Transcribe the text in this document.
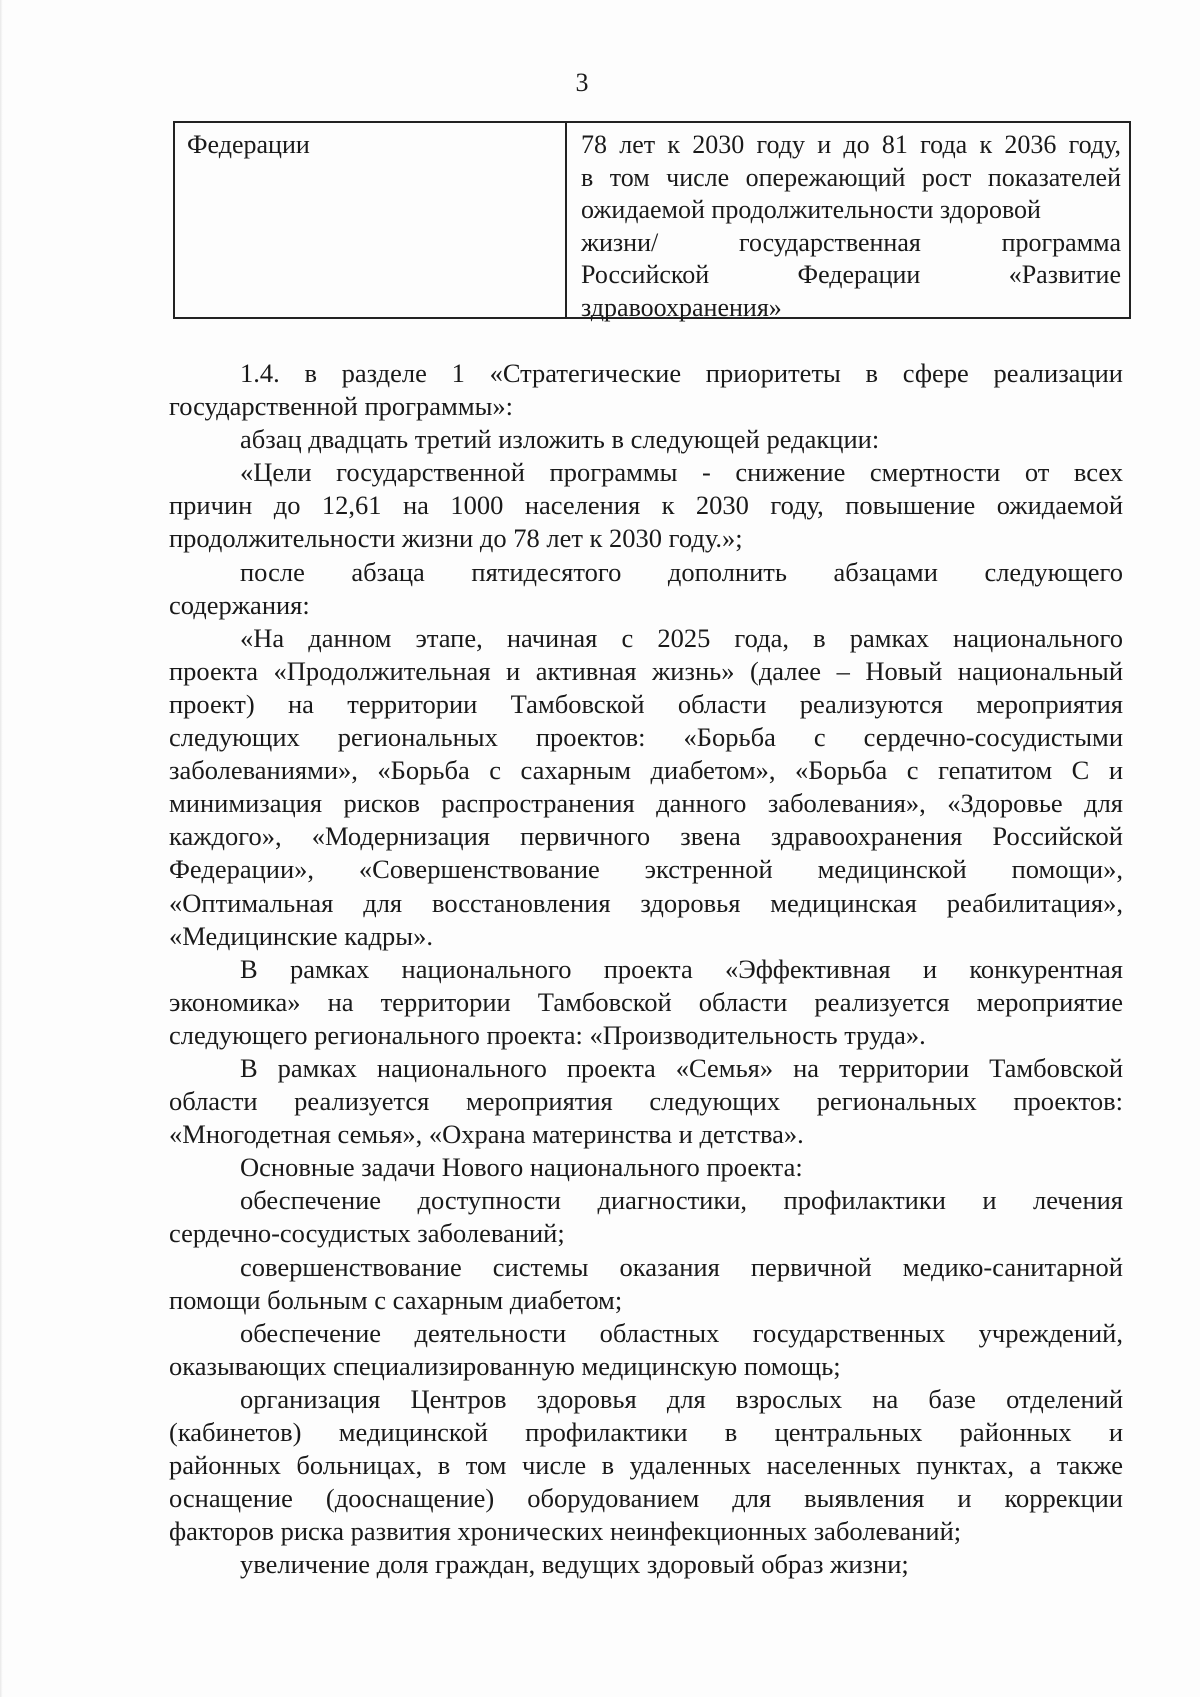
3
Федерации	78 лет к 2030 году и до 81 года к 2036 году,
в том числе опережающий рост показателей
ожидаемой продолжительности здоровой
жизни/ государственная программа
Российской Федерации «Развитие
здравоохранения»
1.4. в разделе 1 «Стратегические приоритеты в сфере реализации
государственной программы»:
абзац двадцать третий изложить в следующей редакции:
«Цели государственной программы - снижение смертности от всех
причин до 12,61 на 1000 населения к 2030 году, повышение ожидаемой
продолжительности жизни до 78 лет к 2030 году.»;
после абзаца пятидесятого дополнить абзацами следующего
содержания:
«На данном этапе, начиная с 2025 года, в рамках национального
проекта «Продолжительная и активная жизнь» (далее – Новый национальный
проект) на территории Тамбовской области реализуются мероприятия
следующих региональных проектов: «Борьба с сердечно-сосудистыми
заболеваниями», «Борьба с сахарным диабетом», «Борьба с гепатитом С и
минимизация рисков распространения данного заболевания», «Здоровье для
каждого», «Модернизация первичного звена здравоохранения Российской
Федерации», «Совершенствование экстренной медицинской помощи»,
«Оптимальная для восстановления здоровья медицинская реабилитация»,
«Медицинские кадры».
В рамках национального проекта «Эффективная и конкурентная
экономика» на территории Тамбовской области реализуется мероприятие
следующего регионального проекта: «Производительность труда».
В рамках национального проекта «Семья» на территории Тамбовской
области реализуется мероприятия следующих региональных проектов:
«Многодетная семья», «Охрана материнства и детства».
Основные задачи Нового национального проекта:
обеспечение доступности диагностики, профилактики и лечения
сердечно-сосудистых заболеваний;
совершенствование системы оказания первичной медико-санитарной
помощи больным с сахарным диабетом;
обеспечение деятельности областных государственных учреждений,
оказывающих специализированную медицинскую помощь;
организация Центров здоровья для взрослых на базе отделений
(кабинетов) медицинской профилактики в центральных районных и
районных больницах, в том числе в удаленных населенных пунктах, а также
оснащение (дооснащение) оборудованием для выявления и коррекции
факторов риска развития хронических неинфекционных заболеваний;
увеличение доля граждан, ведущих здоровый образ жизни;
